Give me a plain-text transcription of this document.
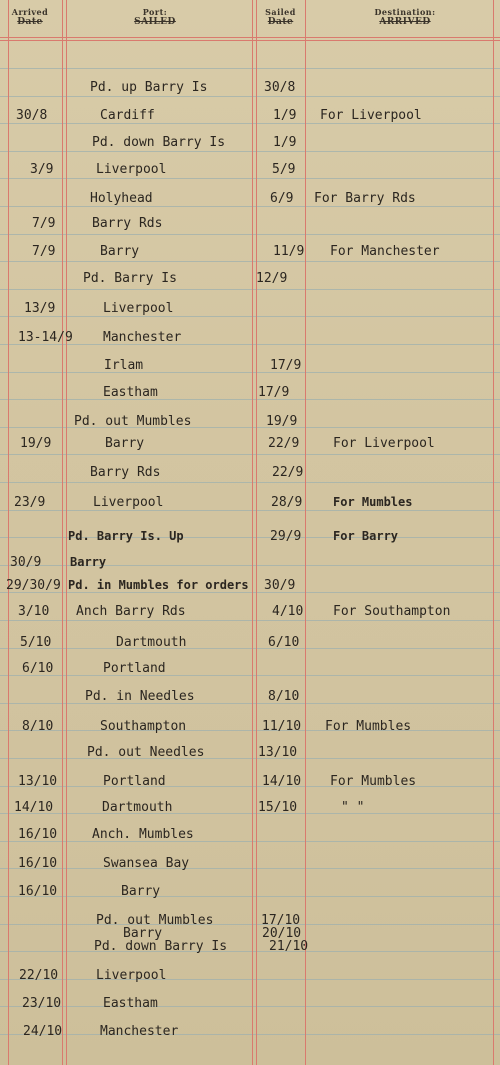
Arrived
Date
Port:
SAILED
Sailed
Date
Destination:
ARRIVED
Pd. up Barry Is	30/8
30/8	Cardiff	1/9 For Liverpool
Pd. down Barry Is	1/9
3/9	Liverpool	5/9
Holyhead	6/9 For Barry Rds
7/9	Barry Rds
7/9	Barry	11/9 For Manchester
Pd. Barry Is	12/9
13/9	Liverpool
13-14/9 Manchester
Irlam	17/9
Eastham	17/9
Pd. out Mumbles	19/9
19/9	Barry	22/9	For Liverpool
Barry Rds	22/9
23/9	Liverpool	28/9	For Mumbles
Pd. Barry Is. Up	29/9	For Barry
30/9 Barry
29/30/9 Pd. in Mumbles for orders 30/9
3/10 Anch Barry Rds	4/10 For Southampton
5/10	Dartmouth	6/10
6/10	Portland
Pd. in Needles	8/10
8/10	Southampton	11/10 For Mumbles
Pd. out Needles	13/10
13/10	Portland	14/10 For Mumbles
14/10	Dartmouth	15/10	" "
16/10	Anch. Mumbles
16/10	Swansea Bay
16/10	Barry
Pd. out Mumbles	17/10
Barry	20/10
Pd. down Barry Is	21/10
22/10	Liverpool
23/10	Eastham
24/10	Manchester
